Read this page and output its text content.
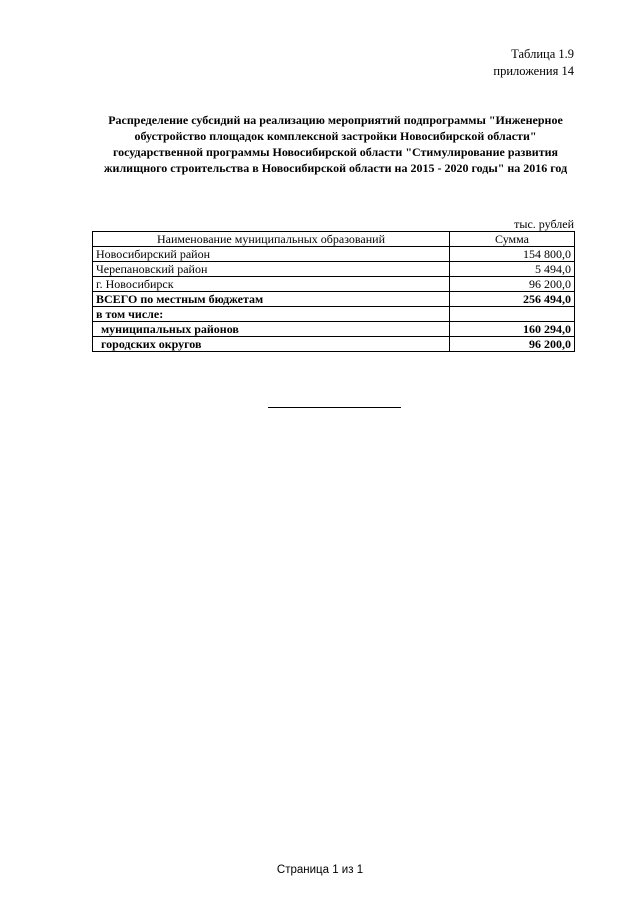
Таблица 1.9
приложения 14
Распределение субсидий на реализацию мероприятий подпрограммы "Инженерное обустройство площадок комплексной застройки Новосибирской области" государственной программы Новосибирской области "Стимулирование развития жилищного строительства в Новосибирской области на 2015 - 2020 годы" на 2016 год
тыс. рублей
Наименование муниципальных образований	Сумма
Новосибирский район	154 800,0
Черепановский район	5 494,0
г. Новосибирск	96 200,0
ВСЕГО по местным бюджетам	256 494,0
в том числе:	
муниципальных районов	160 294,0
городских округов	96 200,0
Страница 1 из 1
